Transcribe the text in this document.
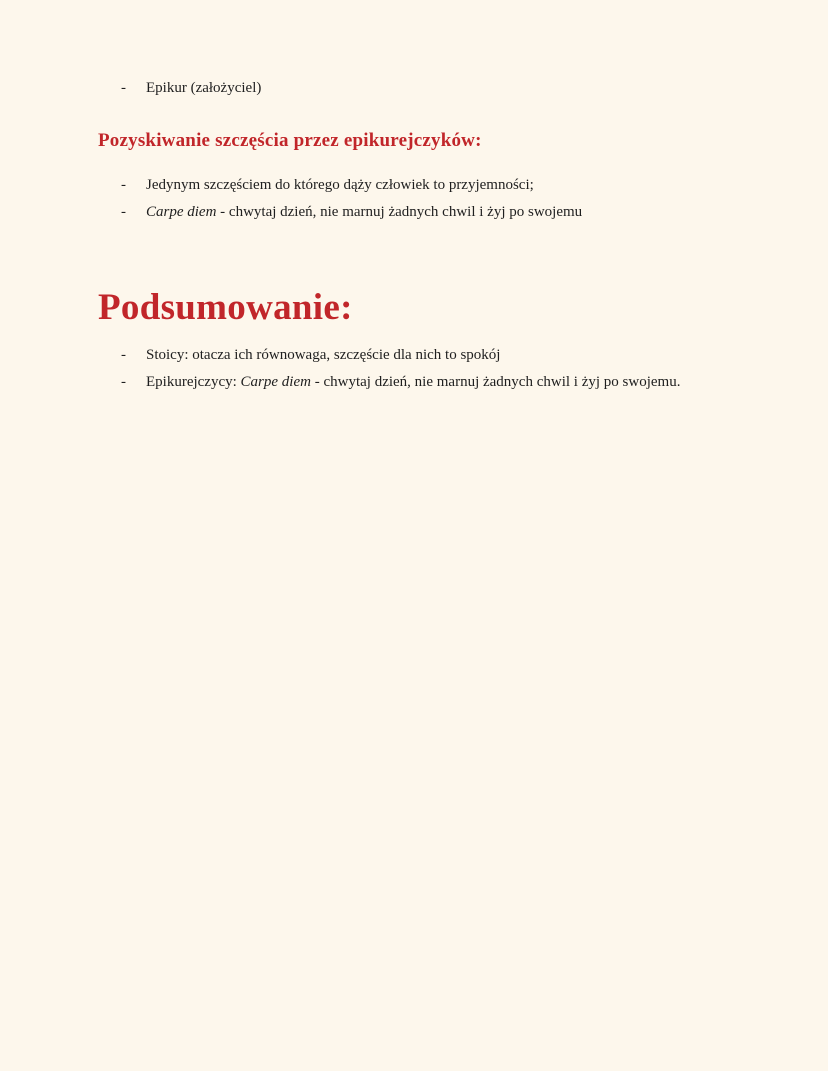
- Epikur (założyciel)
Pozyskiwanie szczęścia przez epikurejczyków:
- Jedynym szczęściem do którego dąży człowiek to przyjemności;
- Carpe diem - chwytaj dzień, nie marnuj żadnych chwil i żyj po swojemu
Podsumowanie:
- Stoicy: otacza ich równowaga, szczęście dla nich to spokój
- Epikurejczycy: Carpe diem - chwytaj dzień, nie marnuj żadnych chwil i żyj po swojemu.
